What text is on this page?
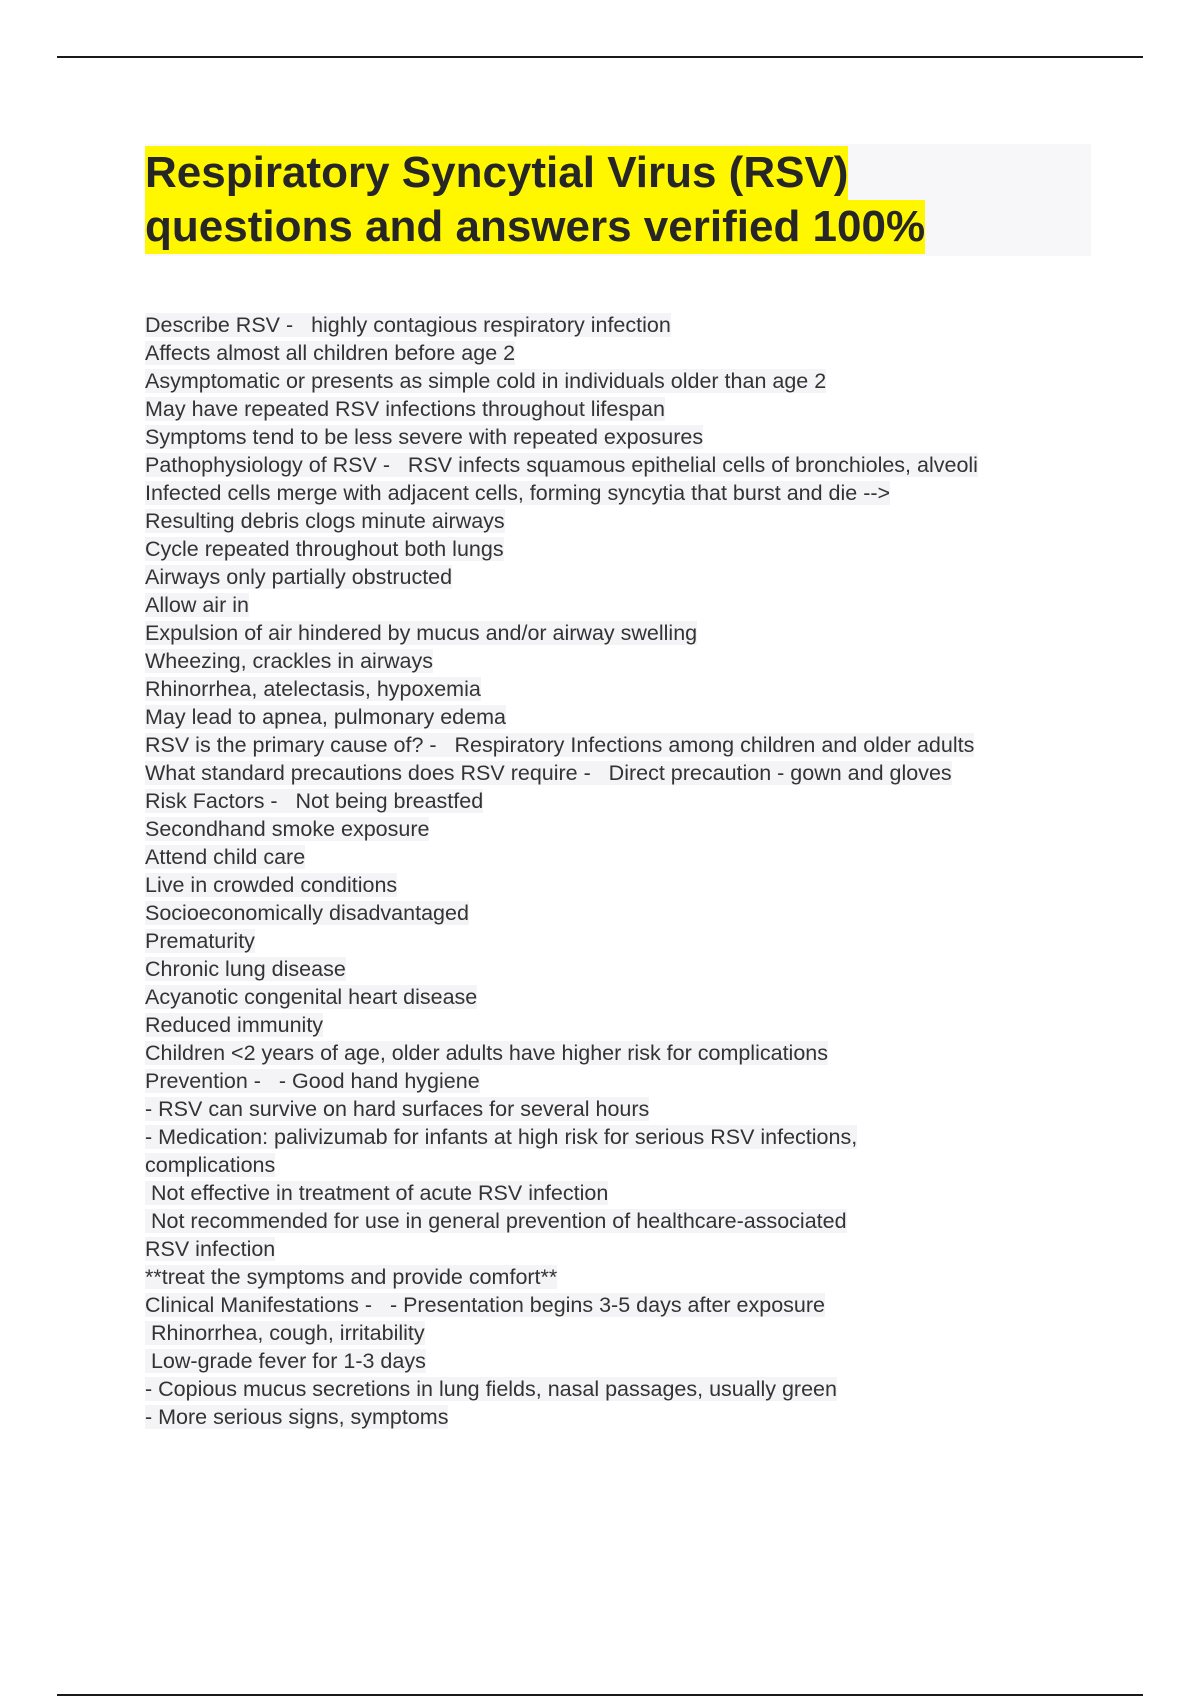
Respiratory Syncytial Virus (RSV)
questions and answers verified 100%
Describe RSV -   highly contagious respiratory infection
Affects almost all children before age 2
Asymptomatic or presents as simple cold in individuals older than age 2
May have repeated RSV infections throughout lifespan
Symptoms tend to be less severe with repeated exposures
Pathophysiology of RSV -   RSV infects squamous epithelial cells of bronchioles, alveoli
Infected cells merge with adjacent cells, forming syncytia that burst and die -->
Resulting debris clogs minute airways
Cycle repeated throughout both lungs
Airways only partially obstructed
Allow air in
Expulsion of air hindered by mucus and/or airway swelling
Wheezing, crackles in airways
Rhinorrhea, atelectasis, hypoxemia
May lead to apnea, pulmonary edema
RSV is the primary cause of? -   Respiratory Infections among children and older adults
What standard precautions does RSV require -   Direct precaution - gown and gloves
Risk Factors -   Not being breastfed
Secondhand smoke exposure
Attend child care
Live in crowded conditions
Socioeconomically disadvantaged
Prematurity
Chronic lung disease
Acyanotic congenital heart disease
Reduced immunity
Children <2 years of age, older adults have higher risk for complications
Prevention -   - Good hand hygiene
- RSV can survive on hard surfaces for several hours
- Medication: palivizumab for infants at high risk for serious RSV infections,
complications
Not effective in treatment of acute RSV infection
Not recommended for use in general prevention of healthcare-associated
RSV infection
**treat the symptoms and provide comfort**
Clinical Manifestations -   - Presentation begins 3-5 days after exposure
Rhinorrhea, cough, irritability
Low-grade fever for 1-3 days
- Copious mucus secretions in lung fields, nasal passages, usually green
- More serious signs, symptoms
